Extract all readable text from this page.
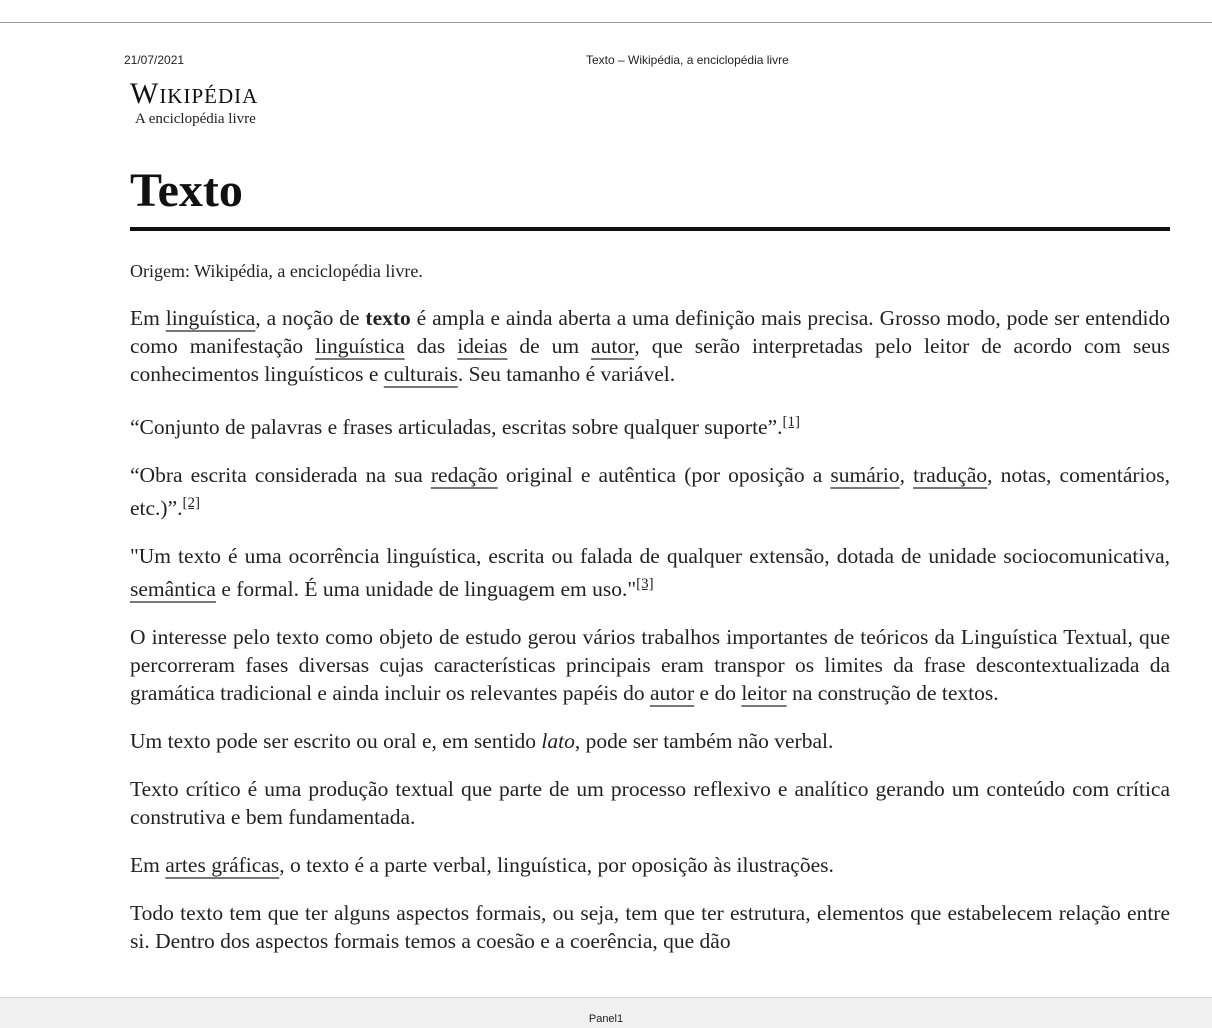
21/07/2021	Texto – Wikipédia, a enciclopédia livre
Wikipédia
A enciclopédia livre
Texto
Origem: Wikipédia, a enciclopédia livre.

Em linguística, a noção de texto é ampla e ainda aberta a uma definição mais precisa. Grosso modo, pode ser entendido como manifestação linguística das ideias de um autor, que serão interpretadas pelo leitor de acordo com seus conhecimentos linguísticos e culturais. Seu tamanho é variável.

“Conjunto de palavras e frases articuladas, escritas sobre qualquer suporte”.[1]

“Obra escrita considerada na sua redação original e autêntica (por oposição a sumário, tradução, notas, comentários, etc.)”.[2]

"Um texto é uma ocorrência linguística, escrita ou falada de qualquer extensão, dotada de unidade sociocomunicativa, semântica e formal. É uma unidade de linguagem em uso."[3]

O interesse pelo texto como objeto de estudo gerou vários trabalhos importantes de teóricos da Linguística Textual, que percorreram fases diversas cujas características principais eram transpor os limites da frase descontextualizada da gramática tradicional e ainda incluir os relevantes papéis do autor e do leitor na construção de textos.

Um texto pode ser escrito ou oral e, em sentido lato, pode ser também não verbal.

Texto crítico é uma produção textual que parte de um processo reflexivo e analítico gerando um conteúdo com crítica construtiva e bem fundamentada.

Em artes gráficas, o texto é a parte verbal, linguística, por oposição às ilustrações.

Todo texto tem que ter alguns aspectos formais, ou seja, tem que ter estrutura, elementos que estabelecem relação entre si. Dentro dos aspectos formais temos a coesão e a coerência, que dão

Panel1
